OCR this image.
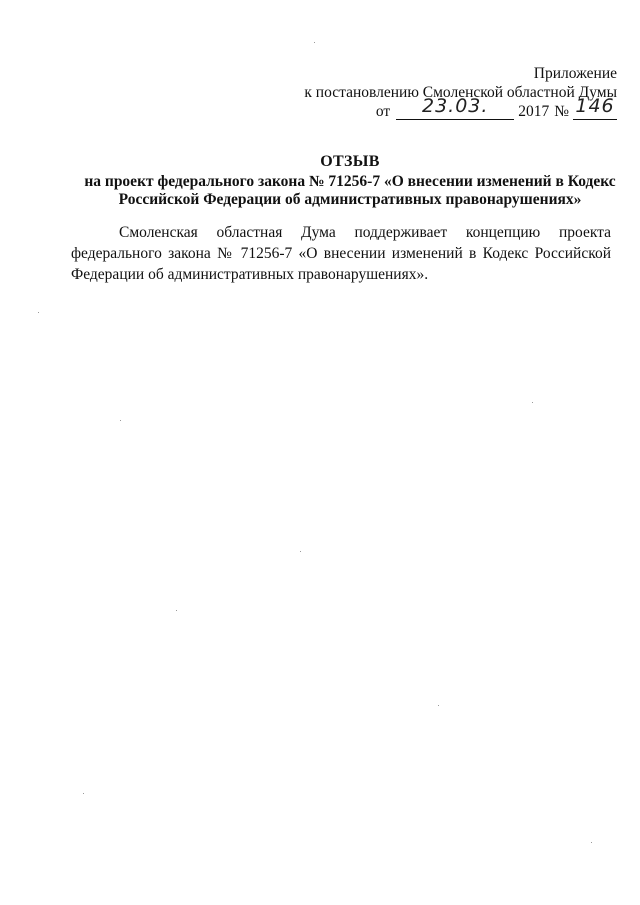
Приложение
к постановлению Смоленской областной Думы
от	23.03.	2017 № 146
ОТЗЫВ
на проект федерального закона № 71256-7 «О внесении изменений в Кодекс
Российской Федерации об административных правонарушениях»
Смоленская областная Дума поддерживает концепцию проекта федерального закона № 71256-7 «О внесении изменений в Кодекс Российской Федерации об административных правонарушениях».
